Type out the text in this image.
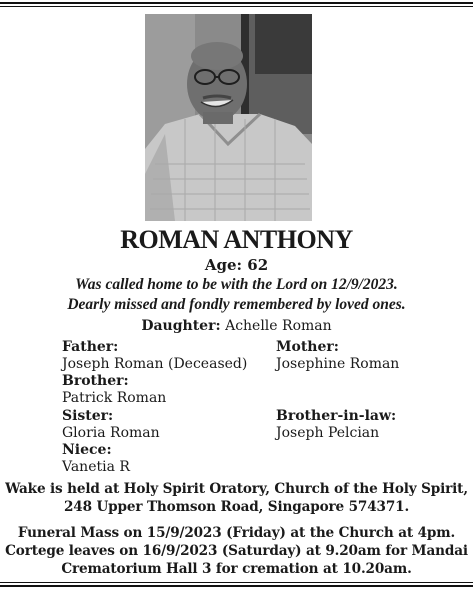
ROMAN ANTHONY
Age: 62
Was called home to be with the Lord on 12/9/2023.
Dearly missed and fondly remembered by loved ones.
Daughter: Achelle Roman
Father:
Joseph Roman (Deceased)
Mother:
Josephine Roman
Brother:
Patrick Roman
Sister:
Gloria Roman
Brother-in-law:
Joseph Pelcian
Niece:
Vanetia R
Wake is held at Holy Spirit Oratory, Church of the Holy Spirit,
248 Upper Thomson Road, Singapore 574371.
Funeral Mass on 15/9/2023 (Friday) at the Church at 4pm.
Cortege leaves on 16/9/2023 (Saturday) at 9.20am for Mandai
Crematorium Hall 3 for cremation at 10.20am.
